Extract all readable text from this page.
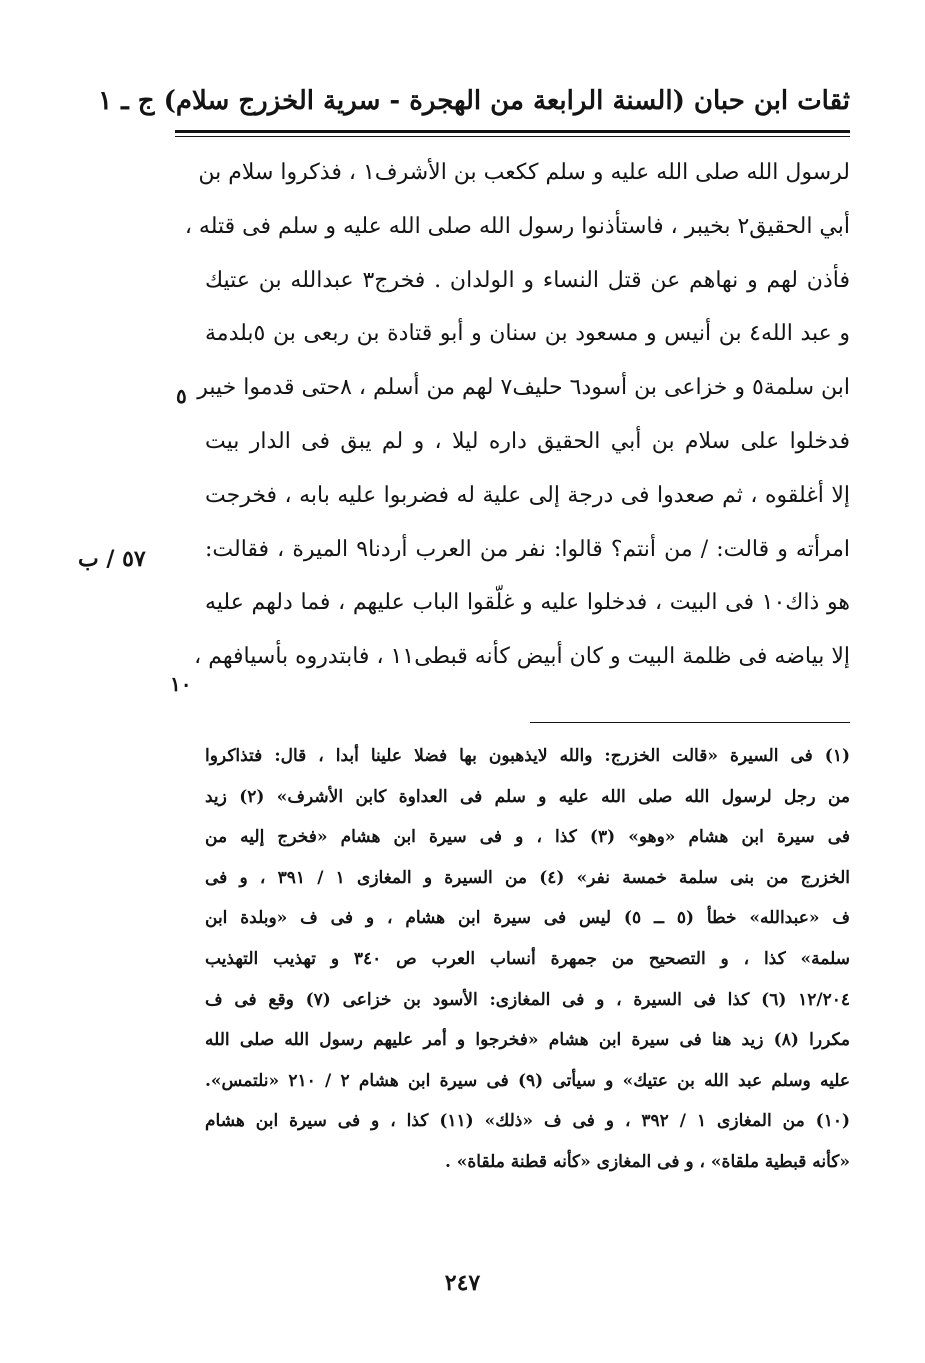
ثقات ابن حبان (السنة الرابعة من الهجرة - سرية الخزرج سلام) ج ـ ١
لرسول الله صلى الله عليه و سلم ككعب بن الأشرف١ ، فذكروا سلام بن
أبي الحقيق٢ بخيبر ، فاستأذنوا رسول الله صلى الله عليه و سلم فى قتله ،
فأذن لهم و نهاهم عن قتل النساء و الولدان . فخرج٣ عبدالله بن عتيك
و عبد الله٤ بن أنيس و مسعود بن سنان و أبو قتادة بن ربعى بن ٥بلدمة
ابن سلمة٥ و خزاعى بن أسود٦ حليف٧ لهم من أسلم ، ٨حتى قدموا خيبر
فدخلوا على سلام بن أبي الحقيق داره ليلا ، و لم يبق فى الدار بيت
إلا أغلقوه ، ثم صعدوا فى درجة إلى علية له فضربوا عليه بابه ، فخرجت
امرأته و قالت: / من أنتم؟ قالوا: نفر من العرب أردنا٩ الميرة ، فقالت:
هو ذاك١٠ فى البيت ، فدخلوا عليه و غلّقوا الباب عليهم ، فما دلهم عليه
إلا بياضه فى ظلمة البيت و كان أبيض كأنه قبطى١١ ، فابتدروه بأسيافهم ،
٥
١٠
٥٧ / ب
(١) فى السيرة «قالت الخزرج: والله لايذهبون بها فضلا علينا أبدا ، قال: فتذاكروا
من رجل لرسول الله صلى الله عليه و سلم فى العداوة كابن الأشرف» (٢) زيد
فى سيرة ابن هشام «وهو» (٣) كذا ، و فى سيرة ابن هشام «فخرج إليه من
الخزرج من بنى سلمة خمسة نفر» (٤) من السيرة و المغازى ١ / ٣٩١ ، و فى
ف «عبدالله» خطأ (٥ ــ ٥) ليس فى سيرة ابن هشام ، و فى ف «وبلدة ابن
سلمة» كذا ، و التصحيح من جمهرة أنساب العرب ص ٣٤٠ و تهذيب التهذيب
١٢/٢٠٤ (٦) كذا فى السيرة ، و فى المغازى: الأسود بن خزاعى (٧) وقع فى ف
مكررا (٨) زيد هنا فى سيرة ابن هشام «فخرجوا و أمر عليهم رسول الله صلى الله
عليه وسلم عبد الله بن عتيك» و سيأتى (٩) فى سيرة ابن هشام ٢ / ٢١٠ «نلتمس».
(١٠) من المغازى ١ / ٣٩٢ ، و فى ف «ذلك» (١١) كذا ، و فى سيرة ابن هشام
«كأنه قبطية ملقاة» ، و فى المغازى «كأنه قطنة ملقاة» .
٢٤٧
